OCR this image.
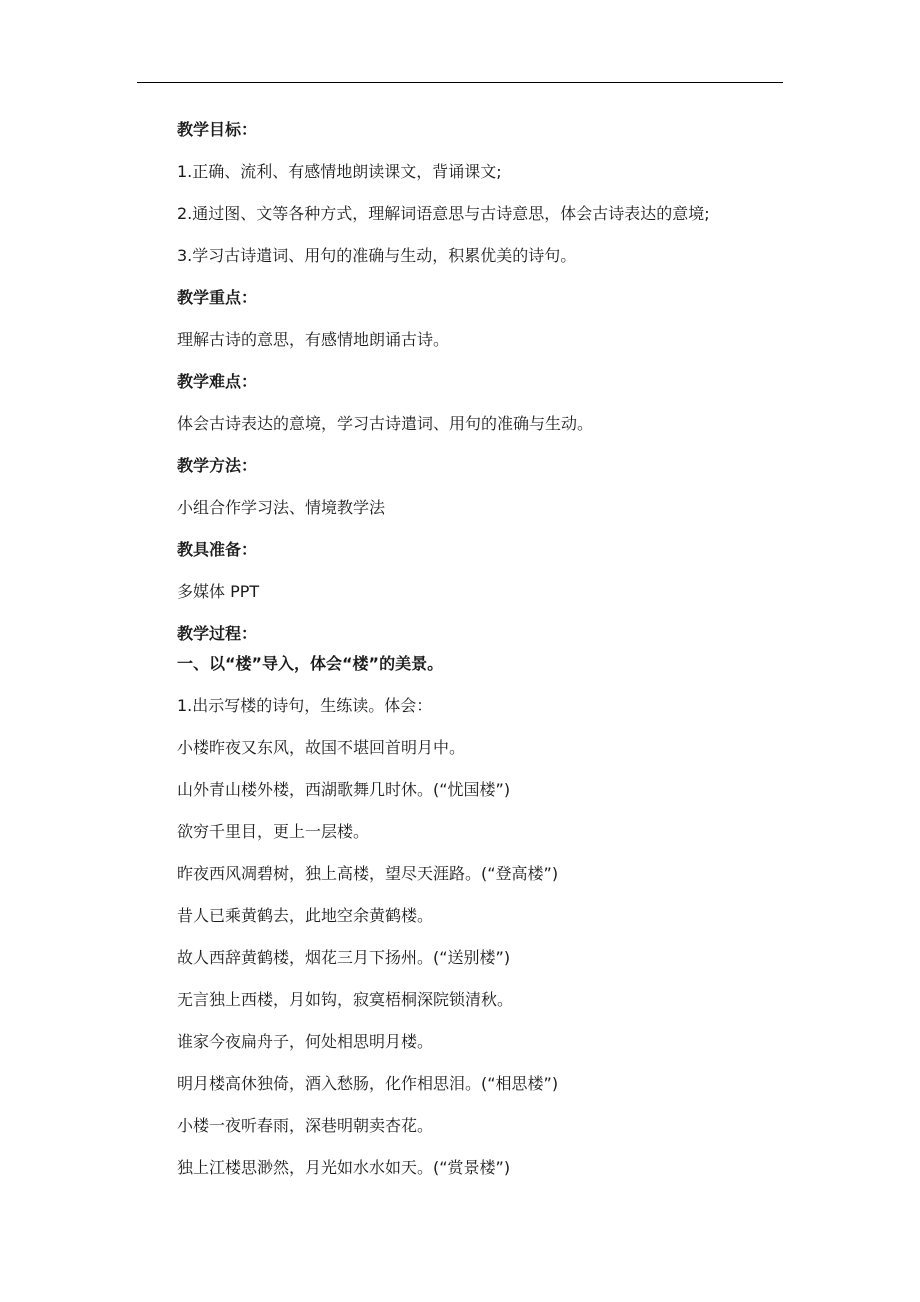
教学目标：
1.正确、流利、有感情地朗读课文，背诵课文;
2.通过图、文等各种方式，理解词语意思与古诗意思，体会古诗表达的意境;
3.学习古诗遣词、用句的准确与生动，积累优美的诗句。
教学重点：
理解古诗的意思，有感情地朗诵古诗。
教学难点：
体会古诗表达的意境，学习古诗遣词、用句的准确与生动。
教学方法：
小组合作学习法、情境教学法
教具准备：
多媒体 PPT
教学过程：
一、以“楼”导入，体会“楼”的美景。
1.出示写楼的诗句，生练读。体会：
小楼昨夜又东风，故国不堪回首明月中。
山外青山楼外楼，西湖歌舞几时休。(“忧国楼”)
欲穷千里目，更上一层楼。
昨夜西风凋碧树，独上高楼，望尽天涯路。(“登高楼”)
昔人已乘黄鹤去，此地空余黄鹤楼。
故人西辞黄鹤楼，烟花三月下扬州。(“送别楼”)
无言独上西楼，月如钩，寂寞梧桐深院锁清秋。
谁家今夜扁舟子，何处相思明月楼。
明月楼高休独倚，酒入愁肠，化作相思泪。(“相思楼”)
小楼一夜听春雨，深巷明朝卖杏花。
独上江楼思渺然，月光如水水如天。(“赏景楼”)
